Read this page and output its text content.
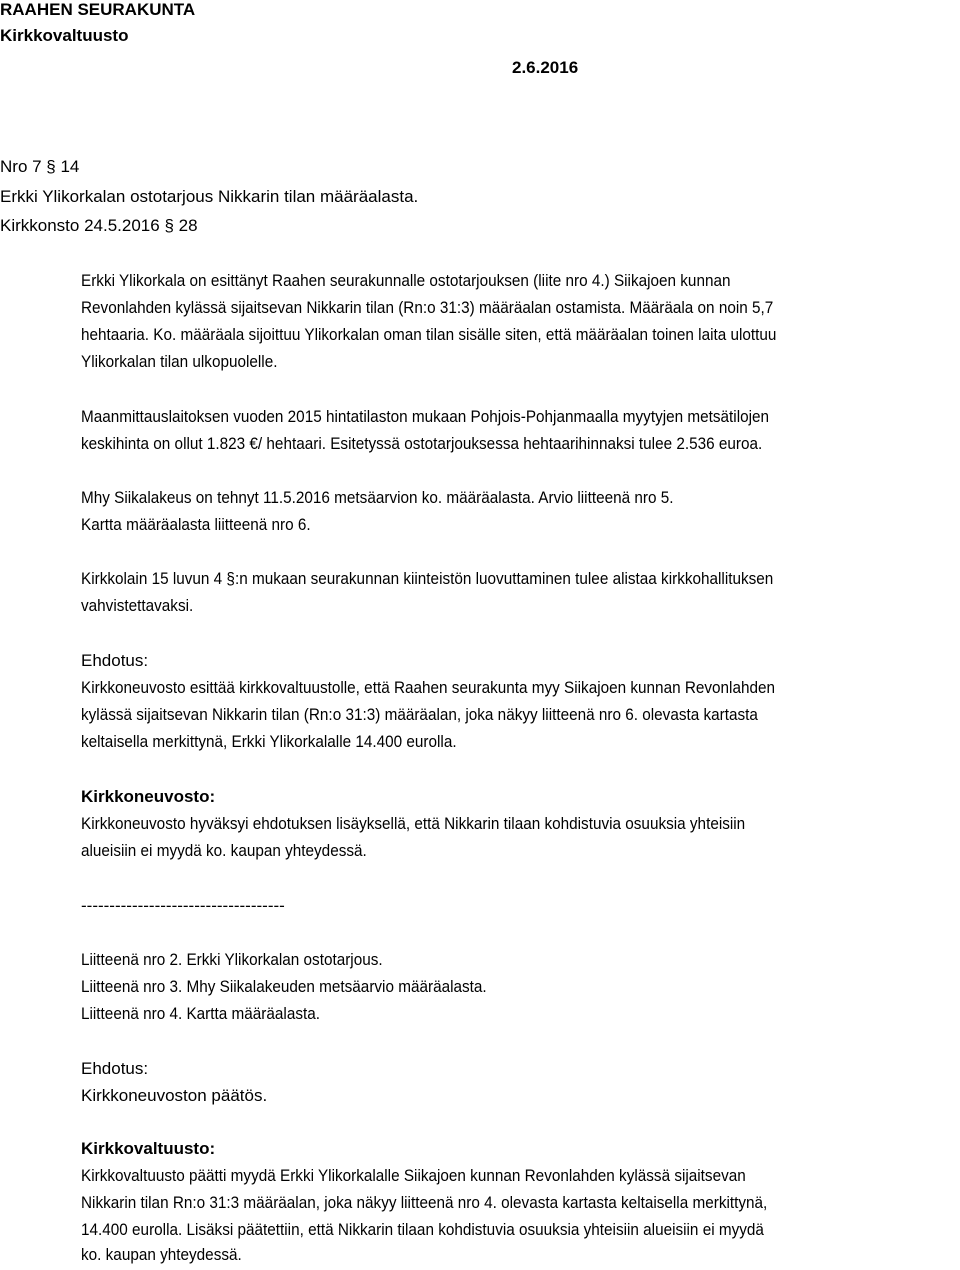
RAAHEN SEURAKUNTA
Kirkkovaltuusto
2.6.2016
Nro 7 § 14
Erkki Ylikorkalan ostotarjous Nikkarin tilan määräalasta.
Kirkkonsto 24.5.2016 § 28
Erkki Ylikorkala on esittänyt Raahen seurakunnalle ostotarjouksen (liite nro 4.) Siikajoen kunnan
Revonlahden kylässä sijaitsevan Nikkarin tilan (Rn:o 31:3) määräalan ostamista. Määräala on noin 5,7
hehtaaria. Ko. määräala sijoittuu Ylikorkalan oman tilan sisälle siten, että määräalan toinen laita ulottuu
Ylikorkalan tilan ulkopuolelle.
Maanmittauslaitoksen vuoden 2015 hintatilaston mukaan Pohjois-Pohjanmaalla myytyjen metsätilojen
keskihinta on ollut 1.823 €/ hehtaari. Esitetyssä ostotarjouksessa hehtaarihinnaksi tulee 2.536 euroa.
Mhy Siikalakeus on tehnyt 11.5.2016 metsäarvion ko. määräalasta. Arvio liitteenä nro 5.
Kartta määräalasta liitteenä nro 6.
Kirkkolain 15 luvun 4 §:n mukaan seurakunnan kiinteistön luovuttaminen tulee alistaa kirkkohallituksen
vahvistettavaksi.
Ehdotus:
Kirkkoneuvosto esittää kirkkovaltuustolle, että Raahen seurakunta myy Siikajoen kunnan Revonlahden
kylässä sijaitsevan Nikkarin tilan (Rn:o 31:3) määräalan, joka näkyy liitteenä nro 6. olevasta kartasta
keltaisella merkittynä, Erkki Ylikorkalalle 14.400 eurolla.
Kirkkoneuvosto:
Kirkkoneuvosto hyväksyi ehdotuksen lisäyksellä, että Nikkarin tilaan kohdistuvia osuuksia yhteisiin
alueisiin ei myydä ko. kaupan yhteydessä.
------------------------------------
Liitteenä nro 2. Erkki Ylikorkalan ostotarjous.
Liitteenä nro 3. Mhy Siikalakeuden metsäarvio määräalasta.
Liitteenä nro 4. Kartta määräalasta.
Ehdotus:
Kirkkoneuvoston päätös.
Kirkkovaltuusto:
Kirkkovaltuusto päätti myydä Erkki Ylikorkalalle Siikajoen kunnan Revonlahden kylässä sijaitsevan
Nikkarin tilan Rn:o 31:3 määräalan, joka näkyy liitteenä nro 4. olevasta kartasta keltaisella merkittynä,
14.400 eurolla. Lisäksi päätettiin, että Nikkarin tilaan kohdistuvia osuuksia yhteisiin alueisiin ei myydä
ko. kaupan yhteydessä.
